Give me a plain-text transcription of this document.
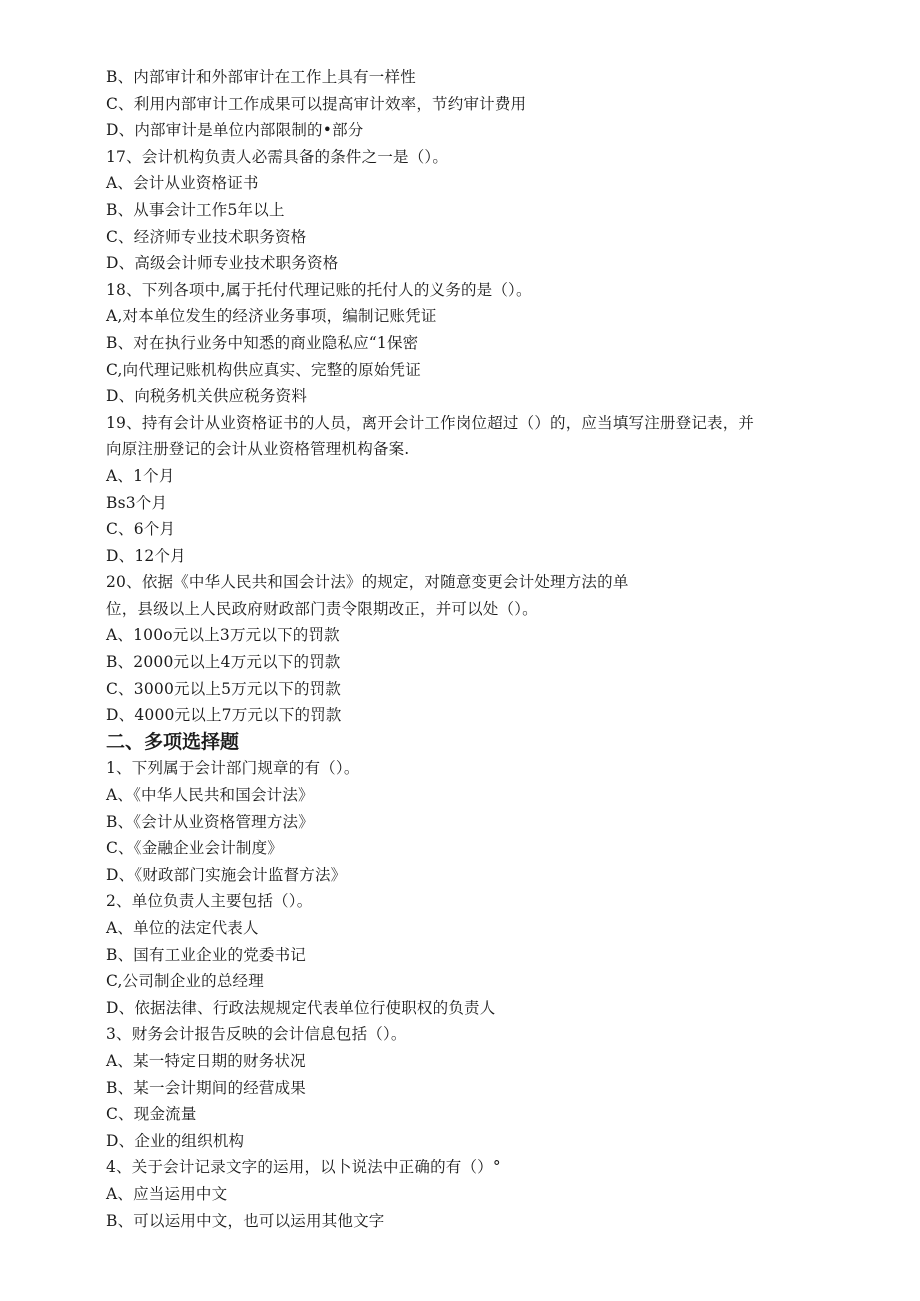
B、内部审计和外部审计在工作上具有一样性
C、利用内部审计工作成果可以提高审计效率，节约审计费用
D、内部审计是单位内部限制的•部分
17、会计机构负责人必需具备的条件之一是（）。
A、会计从业资格证书
B、从事会计工作5年以上
C、经济师专业技术职务资格
D、高级会计师专业技术职务资格
18、下列各项中,属于托付代理记账的托付人的义务的是（）。
A,对本单位发生的经济业务事项，编制记账凭证
B、对在执行业务中知悉的商业隐私应“1保密
C,向代理记账机构供应真实、完整的原始凭证
D、向税务机关供应税务资料
19、持有会计从业资格证书的人员，离开会计工作岗位超过（）的，应当填写注册登记表，并
向原注册登记的会计从业资格管理机构备案.
A、1个月
Bs3个月
C、6个月
D、12个月
20、依据《中华人民共和国会计法》的规定，对随意变更会计处理方法的单
位，县级以上人民政府财政部门责令限期改正，并可以处（）。
A、100o元以上3万元以下的罚款
B、2000元以上4万元以下的罚款
C、3000元以上5万元以下的罚款
D、4000元以上7万元以下的罚款
二、多项选择题
1、下列属于会计部门规章的有（）。
A、《中华人民共和国会计法》
B、《会计从业资格管理方法》
C、《金融企业会计制度》
D、《财政部门实施会计监督方法》
2、单位负责人主要包括（）。
A、单位的法定代表人
B、国有工业企业的党委书记
C,公司制企业的总经理
D、依据法律、行政法规规定代表单位行使职权的负责人
3、财务会计报告反映的会计信息包括（）。
A、某一特定日期的财务状况
B、某一会计期间的经营成果
C、现金流量
D、企业的组织机构
4、关于会计记录文字的运用，以卜说法中正确的有（）°
A、应当运用中文
B、可以运用中文，也可以运用其他文字
